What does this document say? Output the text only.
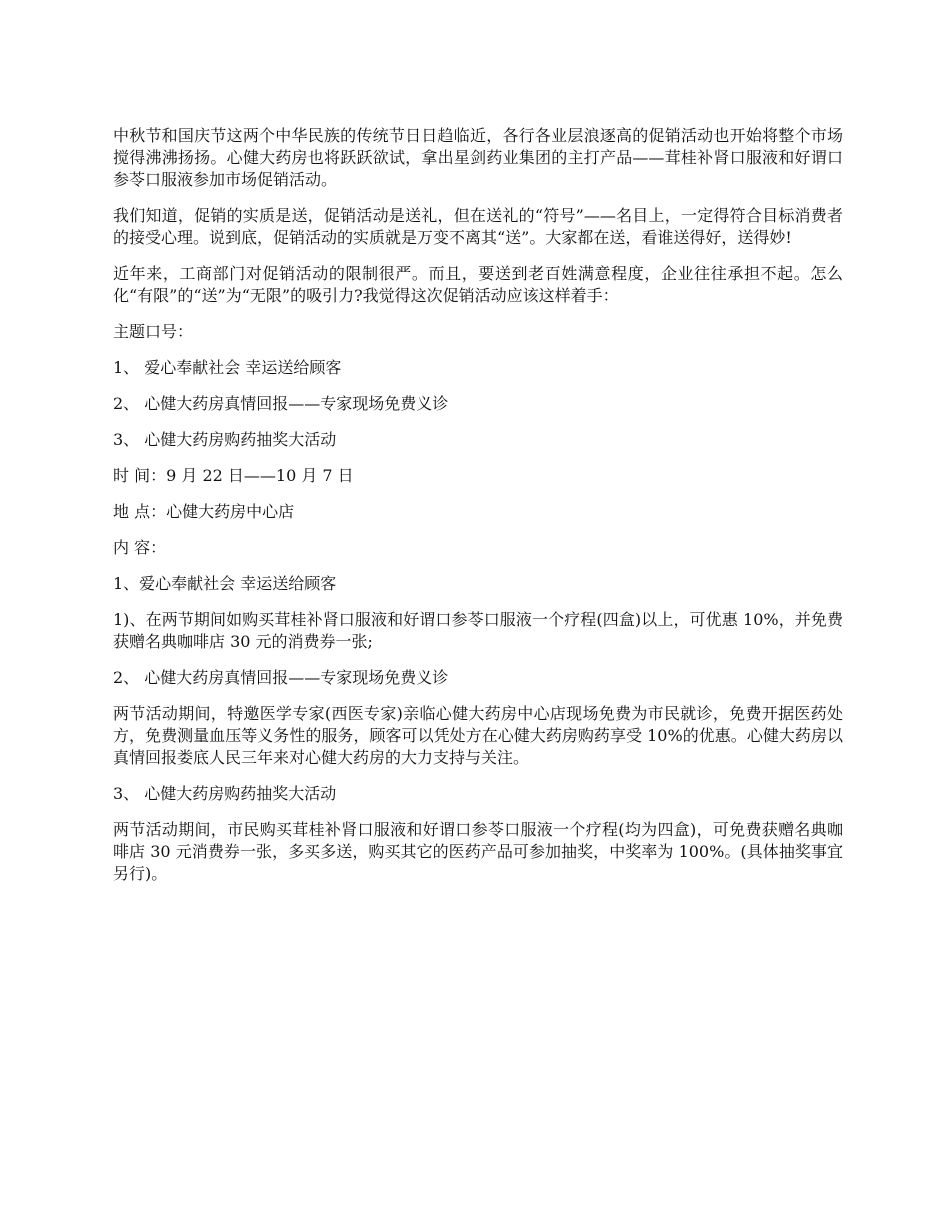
中秋节和国庆节这两个中华民族的传统节日日趋临近，各行各业层浪逐高的促销活动也开始将整个市场搅得沸沸扬扬。心健大药房也将跃跃欲试，拿出星剑药业集团的主打产品——茸桂补肾口服液和好谓口参苓口服液参加市场促销活动。

我们知道，促销的实质是送，促销活动是送礼，但在送礼的“符号”——名目上，一定得符合目标消费者的接受心理。说到底，促销活动的实质就是万变不离其“送”。大家都在送，看谁送得好，送得妙!

近年来，工商部门对促销活动的限制很严。而且，要送到老百姓满意程度，企业往往承担不起。怎么化“有限”的“送”为“无限”的吸引力?我觉得这次促销活动应该这样着手：

主题口号：

1、 爱心奉献社会 幸运送给顾客

2、 心健大药房真情回报——专家现场免费义诊

3、 心健大药房购药抽奖大活动

时 间：9 月 22 日——10 月 7 日

地 点：心健大药房中心店

内 容：

1、爱心奉献社会 幸运送给顾客

1)、在两节期间如购买茸桂补肾口服液和好谓口参苓口服液一个疗程(四盒)以上，可优惠 10%，并免费获赠名典咖啡店 30 元的消费券一张;

2、 心健大药房真情回报——专家现场免费义诊

两节活动期间，特邀医学专家(西医专家)亲临心健大药房中心店现场免费为市民就诊，免费开据医药处方，免费测量血压等义务性的服务，顾客可以凭处方在心健大药房购药享受 10%的优惠。心健大药房以真情回报娄底人民三年来对心健大药房的大力支持与关注。

3、 心健大药房购药抽奖大活动

两节活动期间，市民购买茸桂补肾口服液和好谓口参苓口服液一个疗程(均为四盒)，可免费获赠名典咖啡店 30 元消费券一张，多买多送，购买其它的医药产品可参加抽奖，中奖率为 100%。(具体抽奖事宜另行)。
